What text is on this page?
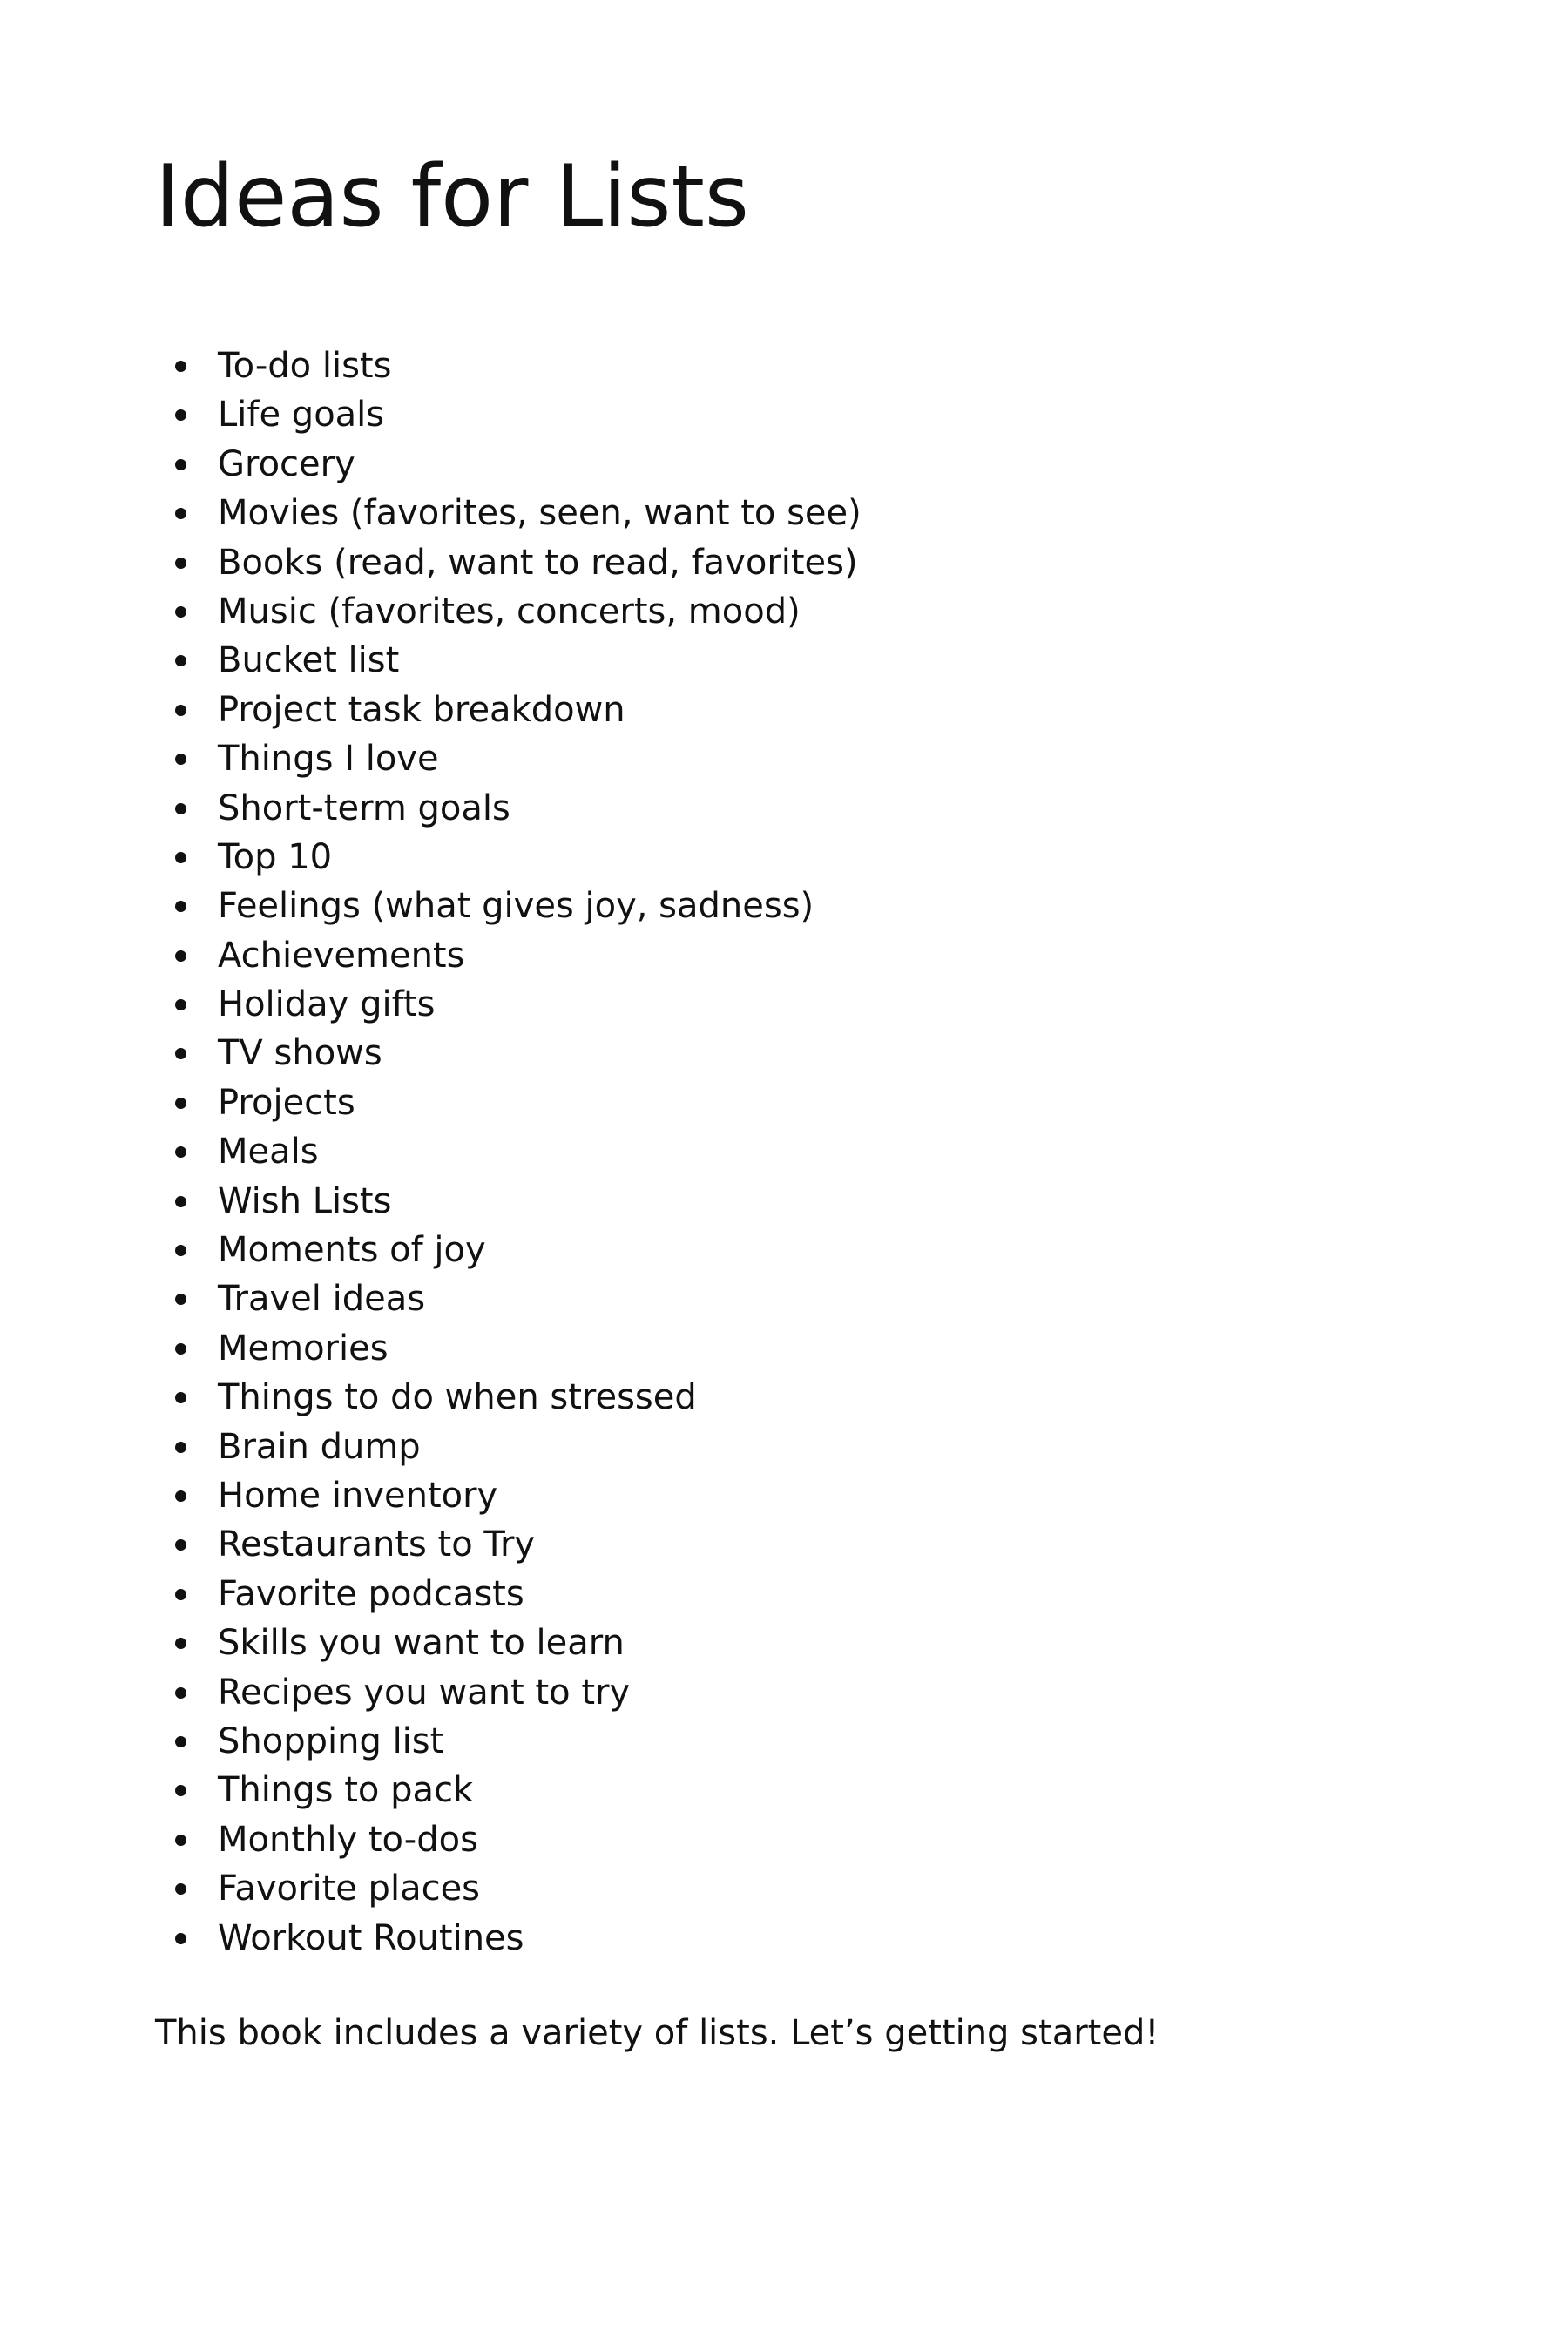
Ideas for Lists
To-do lists
Life goals
Grocery
Movies (favorites, seen, want to see)
Books (read, want to read, favorites)
Music (favorites, concerts, mood)
Bucket list
Project task breakdown
Things I love
Short-term goals
Top 10
Feelings (what gives joy, sadness)
Achievements
Holiday gifts
TV shows
Projects
Meals
Wish Lists
Moments of joy
Travel ideas
Memories
Things to do when stressed
Brain dump
Home inventory
Restaurants to Try
Favorite podcasts
Skills you want to learn
Recipes you want to try
Shopping list
Things to pack
Monthly to-dos
Favorite places
Workout Routines

This book includes a variety of lists. Let’s getting started!
